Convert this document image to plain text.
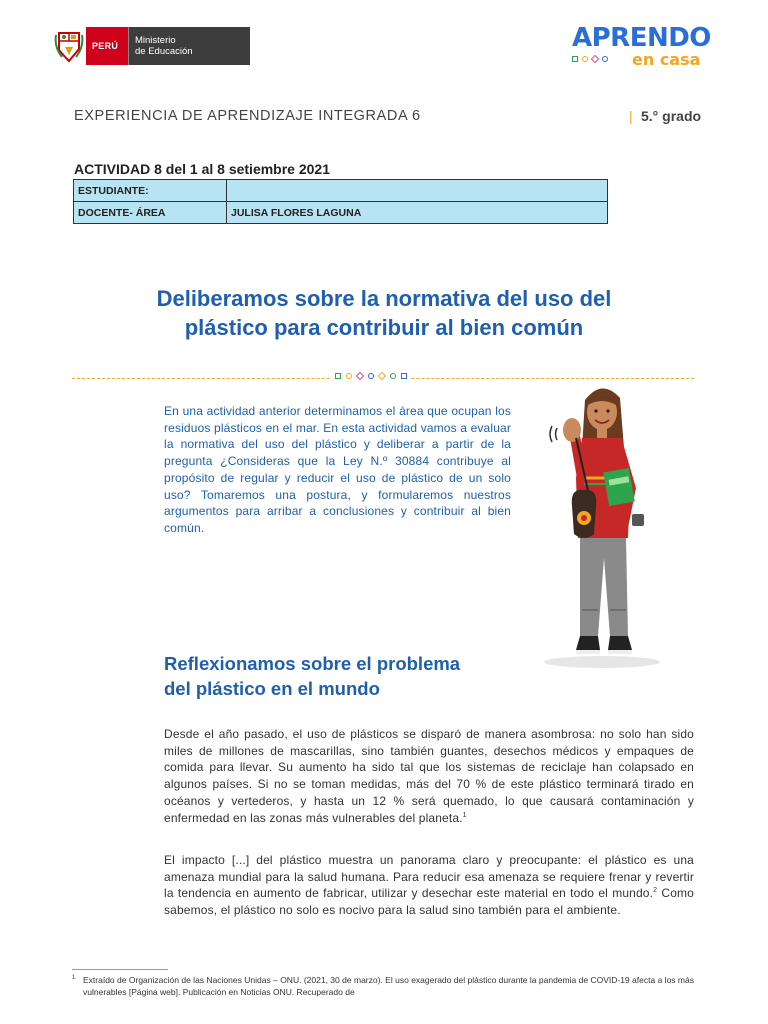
PERÚ	Ministerio
de Educación	APRENDO
en casa
EXPERIENCIA DE APRENDIZAJE INTEGRADA 6	| 5.° grado
ACTIVIDAD 8 del 1 al 8 setiembre 2021
ESTUDIANTE:	
DOCENTE- ÁREA	JULISA FLORES LAGUNA
Deliberamos sobre la normativa del uso del
plástico para contribuir al bien común
En una actividad anterior determinamos el área que ocupan los residuos plásticos en el mar. En esta actividad vamos a evaluar la normativa del uso del plástico y deliberar a partir de la pregunta ¿Consideras que la Ley N.º 30884 contribuye al propósito de regular y reducir el uso de plástico de un solo uso? Tomaremos una postura, y formularemos nuestros argumentos para arribar a conclusiones y contribuir al bien común.
Reflexionamos sobre el problema
del plástico en el mundo
Desde el año pasado, el uso de plásticos se disparó de manera asombrosa: no solo han sido miles de millones de mascarillas, sino también guantes, desechos médicos y empaques de comida para llevar. Su aumento ha sido tal que los sistemas de reciclaje han colapsado en algunos países. Si no se toman medidas, más del 70 % de este plástico terminará tirado en océanos y vertederos, y hasta un 12 % será quemado, lo que causará contaminación y enfermedad en las zonas más vulnerables del planeta.$^1$
El impacto [...] del plástico muestra un panorama claro y preocupante: el plástico es una amenaza mundial para la salud humana. Para reducir esa amenaza se requiere frenar y revertir la tendencia en aumento de fabricar, utilizar y desechar este material en todo el mundo.$^2$ Como sabemos, el plástico no solo es nocivo para la salud sino también para el ambiente.
1 Extraído de Organización de las Naciones Unidas – ONU. (2021, 30 de marzo). El uso exagerado del plástico durante la pandemia de COVID-19 afecta a los más vulnerables [Página web]. Publicación en Noticias ONU. Recuperado de
